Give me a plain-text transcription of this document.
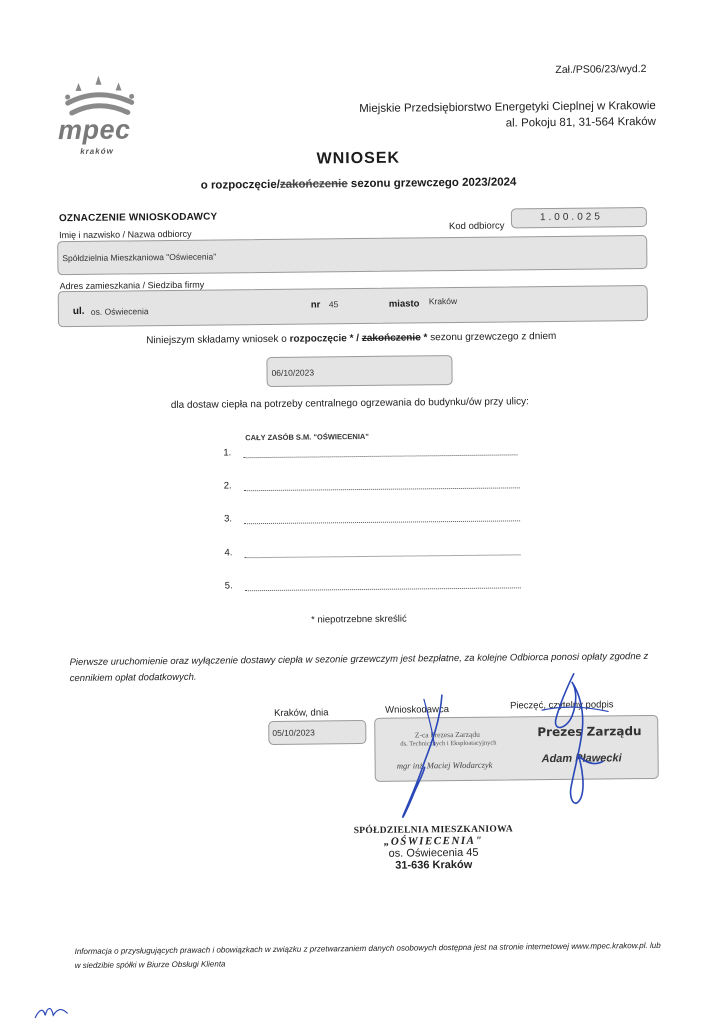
Zał./PS06/23/wyd.2
mpec
kraków
Miejskie Przedsiębiorstwo Energetyki Cieplnej w Krakowie
al. Pokoju 81, 31-564 Kraków
WNIOSEK
o rozpoczęcie/zakończenie sezonu grzewczego 2023/2024
OZNACZENIE WNIOSKODAWCY
Imię i nazwisko / Nazwa odbiorcy
Kod odbiorcy
1.00.025
Spółdzielnia Mieszkaniowa "Oświecenia"
Adres zamieszkania / Siedziba firmy
ul. os. Oświecenia
nr 45	miasto Kraków
Niniejszym składamy wniosek o rozpoczęcie * / zakończenie * sezonu grzewczego z dniem
06/10/2023
dla dostaw ciepła na potrzeby centralnego ogrzewania do budynku/ów przy ulicy:
CAŁY ZASÓB S.M. "OŚWIECENIA"
1.
2.
3.
4.
5.
* niepotrzebne skreślić
Pierwsze uruchomienie oraz wyłączenie dostawy ciepła w sezonie grzewczym jest bezpłatne, za kolejne Odbiorca ponosi opłaty zgodne z cennikiem opłat dodatkowych.
Kraków, dnia	Wnioskodawca	Pieczęć, czytelny podpis
05/10/2023	Z-ca Prezesa Zarządu
ds. Technicznych i Eksploatacyjnych
mgr inż. Maciej Włodarczyk
Prezes Zarządu
Adam Pławecki
SPÓŁDZIELNIA MIESZKANIOWA
„OŚWIECENIA"
os. Oświecenia 45
31-636 Kraków
Informacja o przysługujących prawach i obowiązkach w związku z przetwarzaniem danych osobowych dostępna jest na stronie internetowej www.mpec.krakow.pl. lub w siedzibie spółki w Biurze Obsługi Klienta
